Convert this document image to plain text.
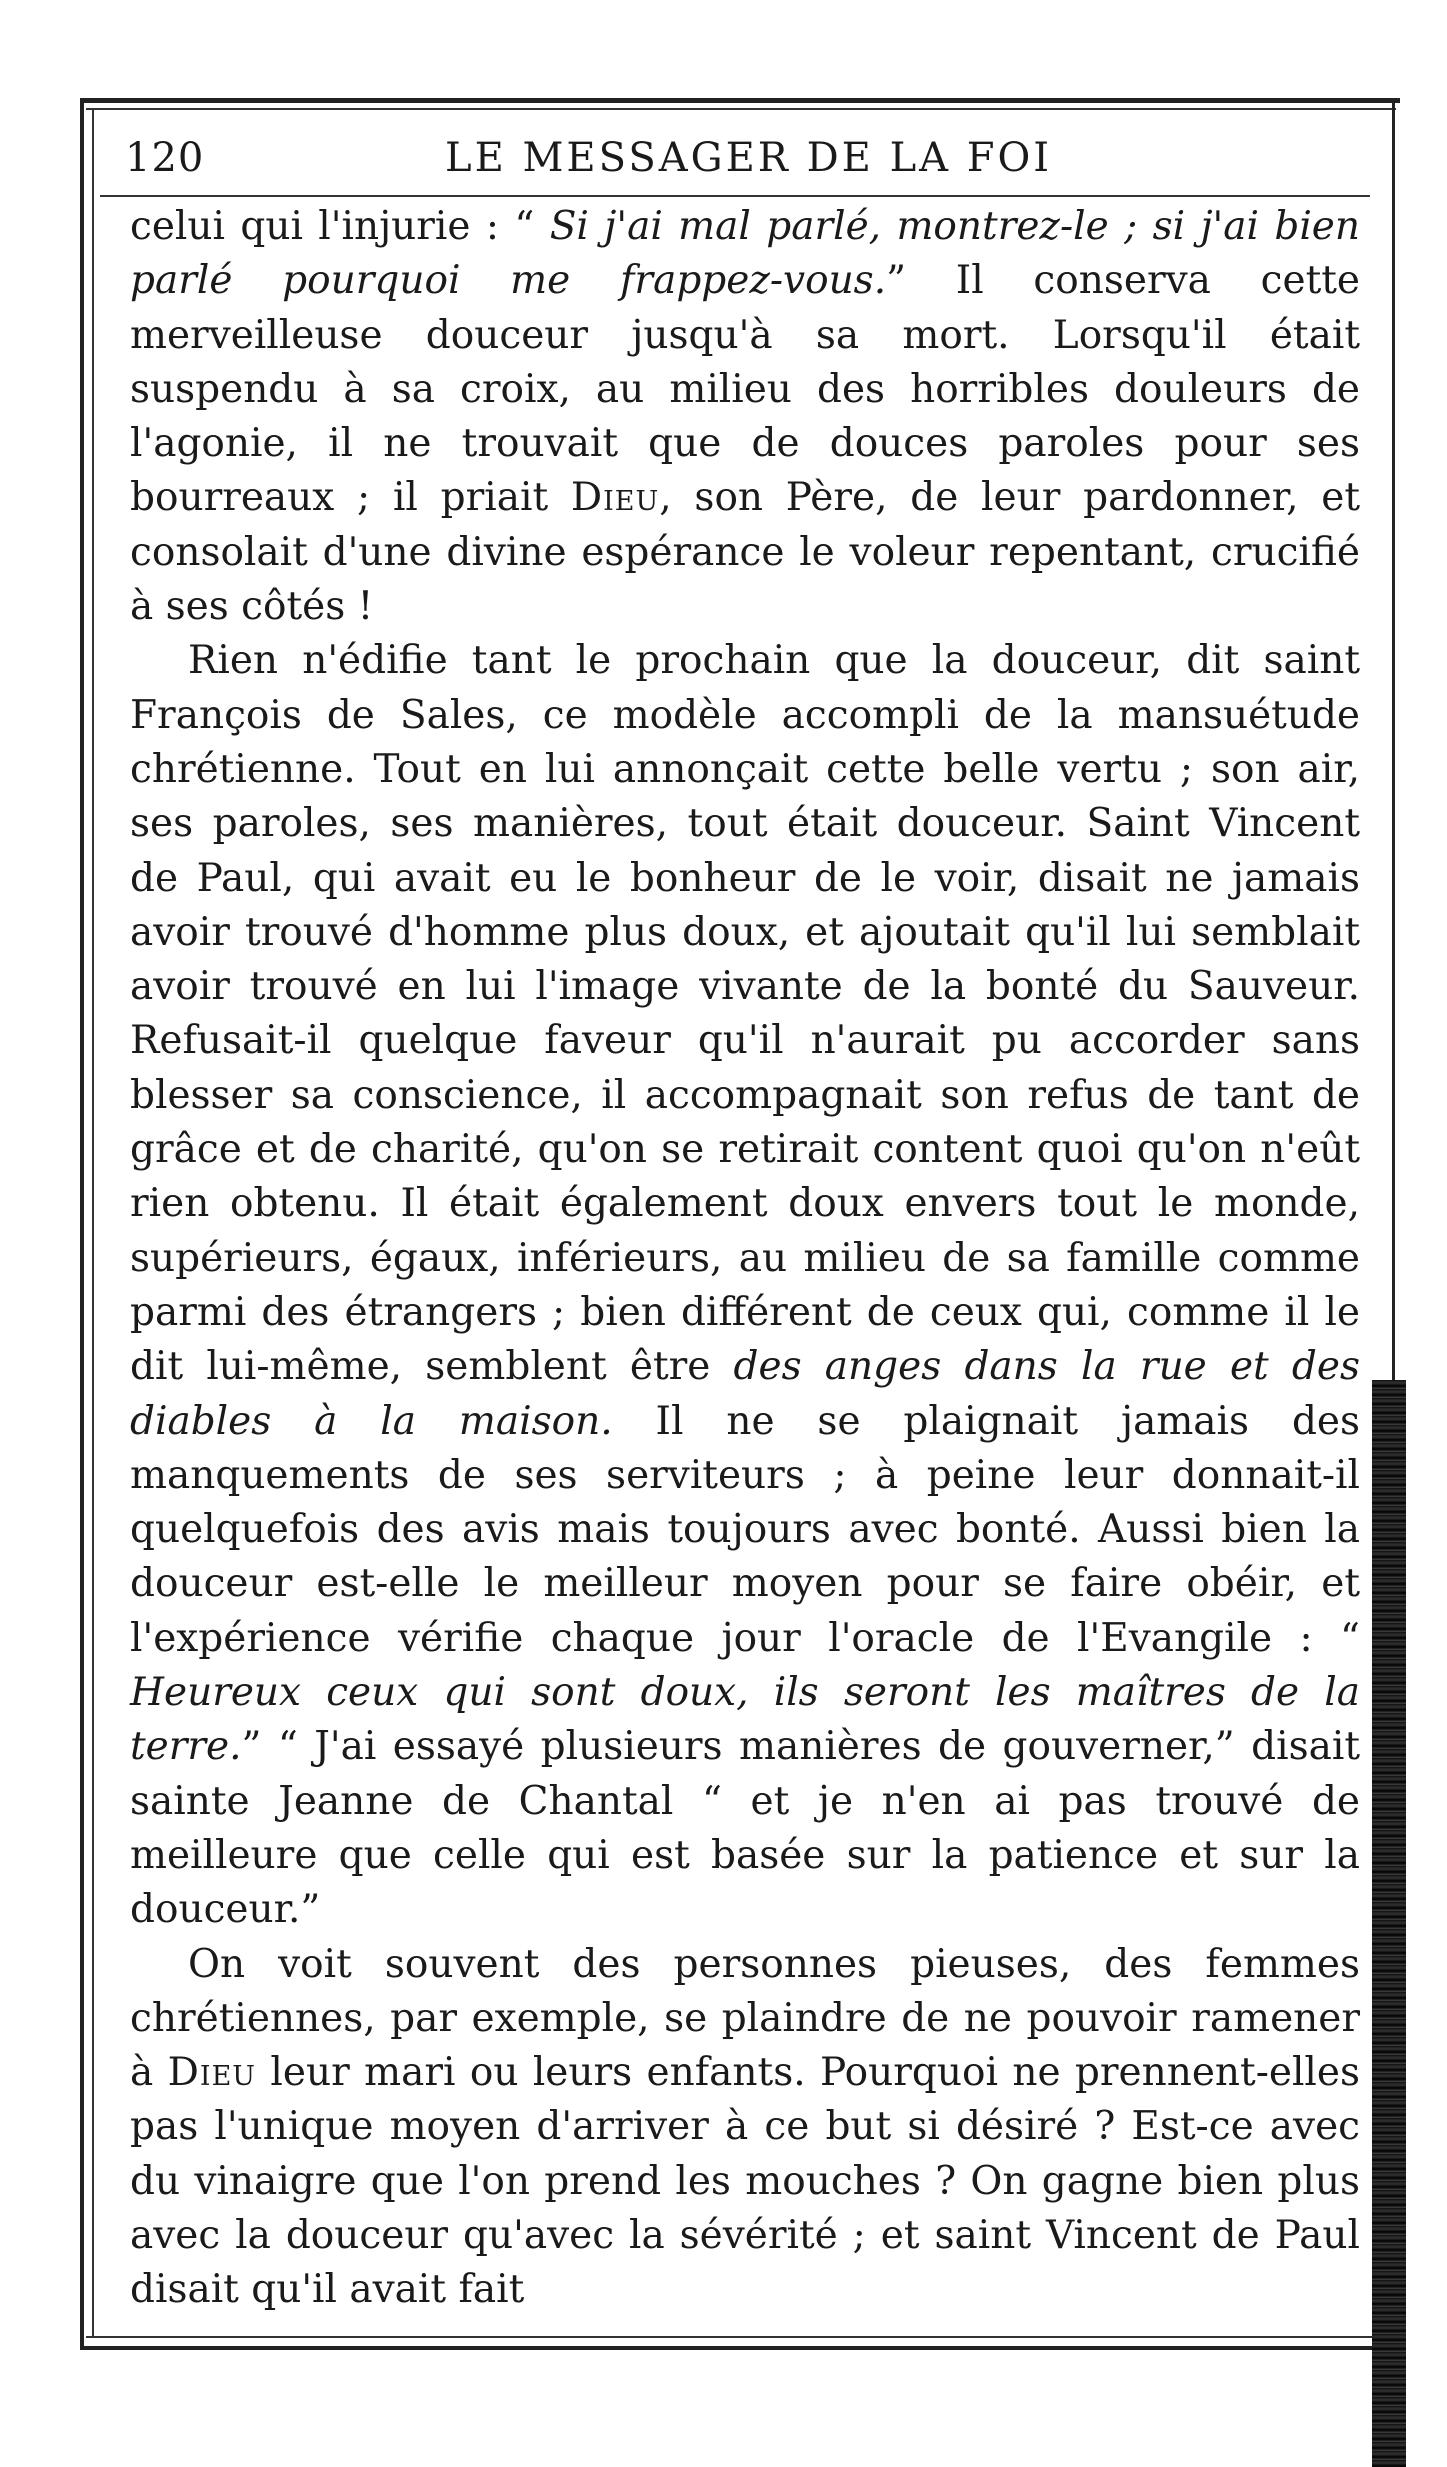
120	LE MESSAGER DE LA FOI

celui qui l'injurie : “ Si j'ai mal parlé, montrez-le ; si j'ai bien parlé pourquoi me frappez-vous.” Il conserva cette merveilleuse douceur jusqu'à sa mort. Lorsqu'il était suspendu à sa croix, au milieu des horribles douleurs de l'agonie, il ne trouvait que de douces paroles pour ses bourreaux ; il priait Dieu, son Père, de leur pardonner, et consolait d'une divine espérance le voleur repentant, crucifié à ses côtés !

Rien n'édifie tant le prochain que la douceur, dit saint François de Sales, ce modèle accompli de la mansuétude chrétienne. Tout en lui annonçait cette belle vertu ; son air, ses paroles, ses manières, tout était douceur. Saint Vincent de Paul, qui avait eu le bonheur de le voir, disait ne jamais avoir trouvé d'homme plus doux, et ajoutait qu'il lui semblait avoir trouvé en lui l'image vivante de la bonté du Sauveur. Refusait-il quelque faveur qu'il n'aurait pu accorder sans blesser sa conscience, il accompagnait son refus de tant de grâce et de charité, qu'on se retirait content quoi qu'on n'eût rien obtenu. Il était également doux envers tout le monde, supérieurs, égaux, inférieurs, au milieu de sa famille comme parmi des étrangers ; bien différent de ceux qui, comme il le dit lui-même, semblent être des anges dans la rue et des diables à la maison. Il ne se plaignait jamais des manquements de ses serviteurs ; à peine leur donnait-il quelquefois des avis mais toujours avec bonté. Aussi bien la douceur est-elle le meilleur moyen pour se faire obéir, et l'expérience vérifie chaque jour l'oracle de l'Evangile : “ Heureux ceux qui sont doux, ils seront les maîtres de la terre.” “ J'ai essayé plusieurs manières de gouverner,” disait sainte Jeanne de Chantal “ et je n'en ai pas trouvé de meilleure que celle qui est basée sur la patience et sur la douceur.”

On voit souvent des personnes pieuses, des femmes chrétiennes, par exemple, se plaindre de ne pouvoir ramener à Dieu leur mari ou leurs enfants. Pourquoi ne prennent-elles pas l'unique moyen d'arriver à ce but si désiré ? Est-ce avec du vinaigre que l'on prend les mouches ? On gagne bien plus avec la douceur qu'avec la sévérité ; et saint Vincent de Paul disait qu'il avait fait
